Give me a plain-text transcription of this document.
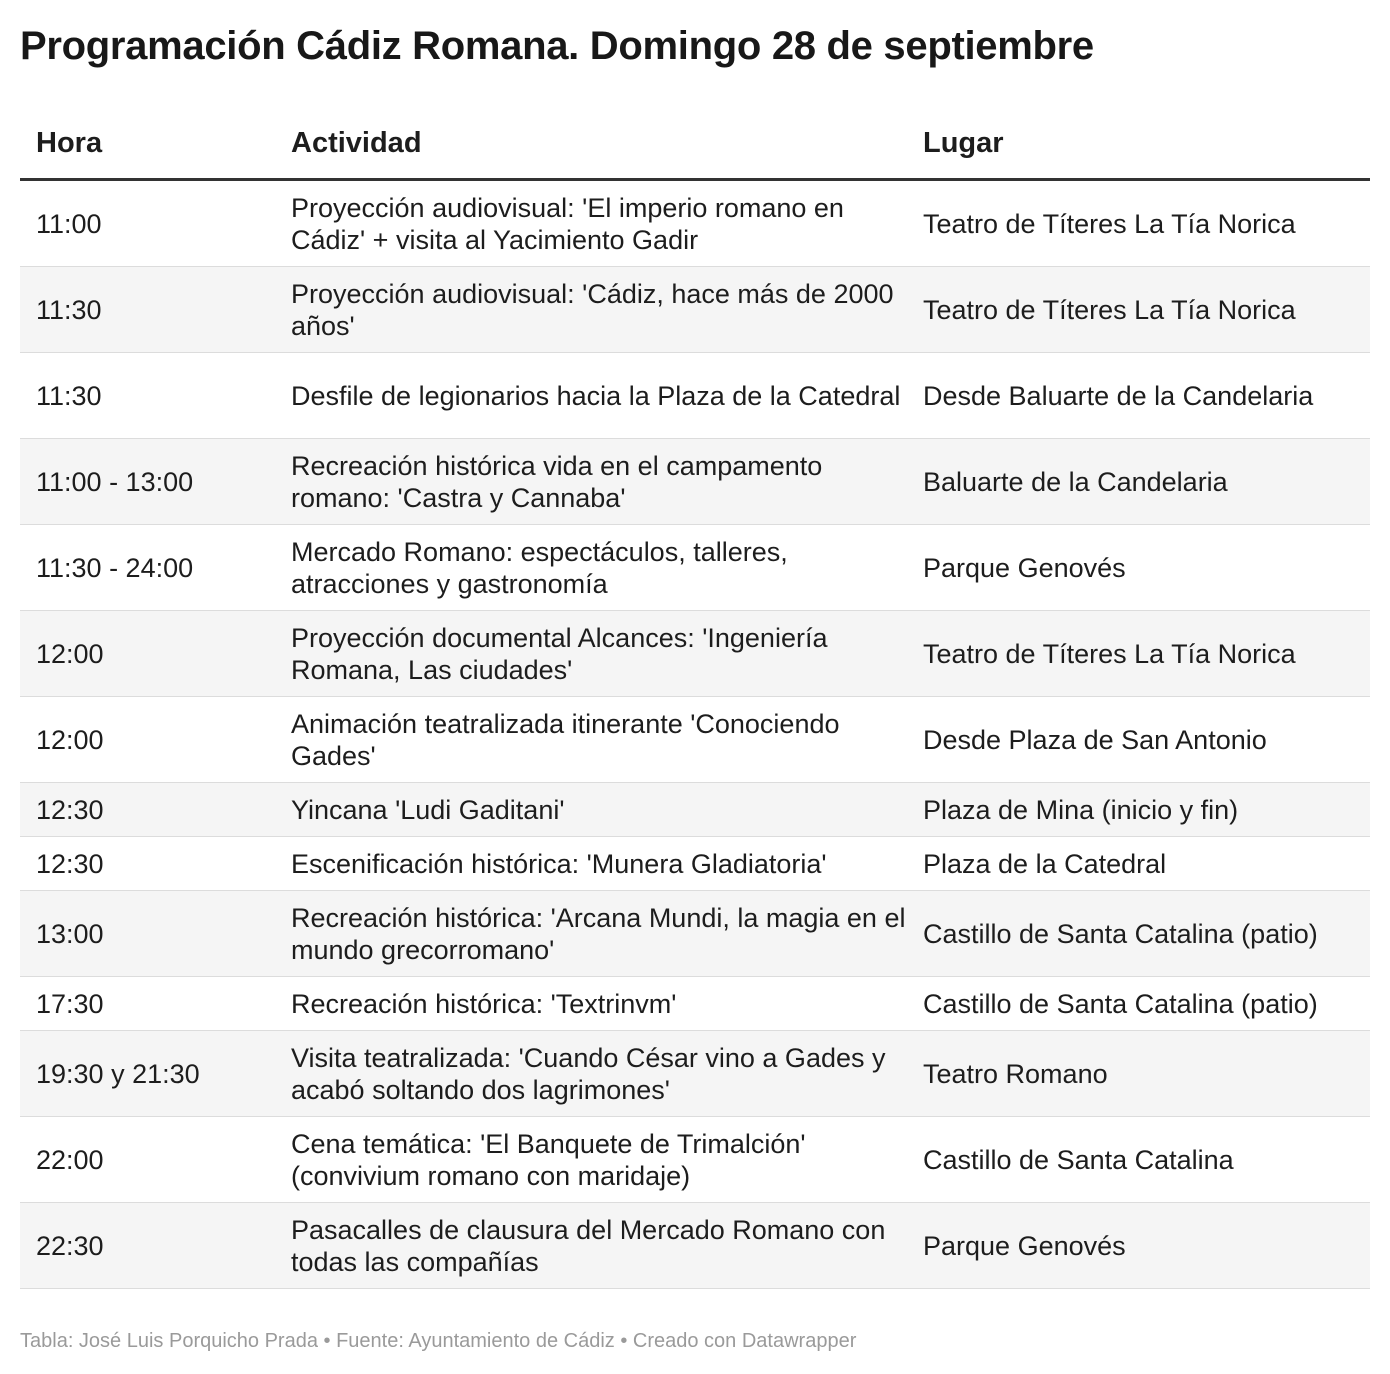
Programación Cádiz Romana. Domingo 28 de septiembre
Hora	Actividad	Lugar
11:00	Proyección audiovisual: 'El imperio romano en Cádiz' + visita al Yacimiento Gadir	Teatro de Títeres La Tía Norica
11:30	Proyección audiovisual: 'Cádiz, hace más de 2000 años'	Teatro de Títeres La Tía Norica
11:30	Desfile de legionarios hacia la Plaza de la Catedral	Desde Baluarte de la Candelaria
11:00 - 13:00	Recreación histórica vida en el campamento romano: 'Castra y Cannaba'	Baluarte de la Candelaria
11:30 - 24:00	Mercado Romano: espectáculos, talleres, atracciones y gastronomía	Parque Genovés
12:00	Proyección documental Alcances: 'Ingeniería Romana, Las ciudades'	Teatro de Títeres La Tía Norica
12:00	Animación teatralizada itinerante 'Conociendo Gades'	Desde Plaza de San Antonio
12:30	Yincana 'Ludi Gaditani'	Plaza de Mina (inicio y fin)
12:30	Escenificación histórica: 'Munera Gladiatoria'	Plaza de la Catedral
13:00	Recreación histórica: 'Arcana Mundi, la magia en el mundo grecorromano'	Castillo de Santa Catalina (patio)
17:30	Recreación histórica: 'Textrinvm'	Castillo de Santa Catalina (patio)
19:30 y 21:30	Visita teatralizada: 'Cuando César vino a Gades y acabó soltando dos lagrimones'	Teatro Romano
22:00	Cena temática: 'El Banquete de Trimalción' (convivium romano con maridaje)	Castillo de Santa Catalina
22:30	Pasacalles de clausura del Mercado Romano con todas las compañías	Parque Genovés
Tabla: José Luis Porquicho Prada • Fuente: Ayuntamiento de Cádiz • Creado con Datawrapper
